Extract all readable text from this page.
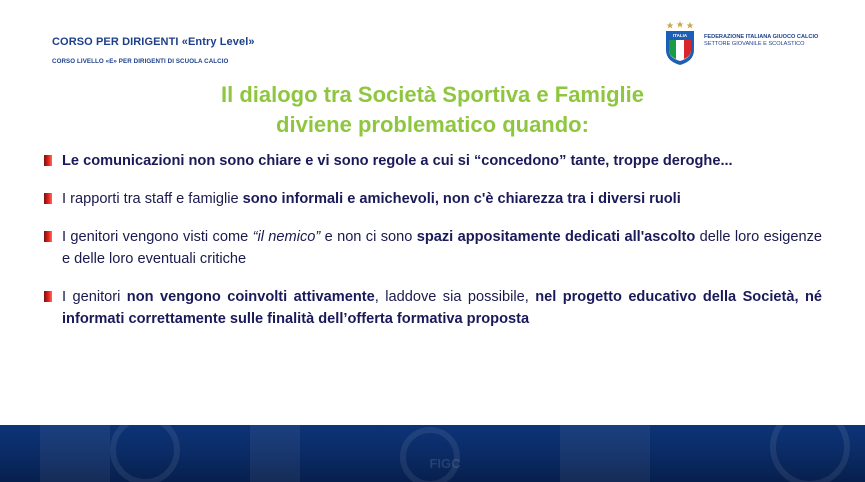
CORSO PER DIRIGENTI «Entry Level»
CORSO LIVELLO «E» PER DIRIGENTI DI SCUOLA CALCIO
ITALIA	FEDERAZIONE ITALIANA GIUOCO CALCIO
SETTORE GIOVANILE E SCOLASTICO
Il dialogo tra Società Sportiva e Famiglie
diviene problematico quando:
Le comunicazioni non sono chiare e vi sono regole a cui si “concedono” tante, troppe deroghe...
I rapporti tra staff e famiglie sono informali e amichevoli, non c'è chiarezza tra i diversi ruoli
I genitori vengono visti come “il nemico” e non ci sono spazi appositamente dedicati all'ascolto delle loro esigenze e delle loro eventuali critiche
I genitori non vengono coinvolti attivamente, laddove sia possibile, nel progetto educativo della Società, né informati correttamente sulle finalità dell’offerta formativa proposta
FIGC
